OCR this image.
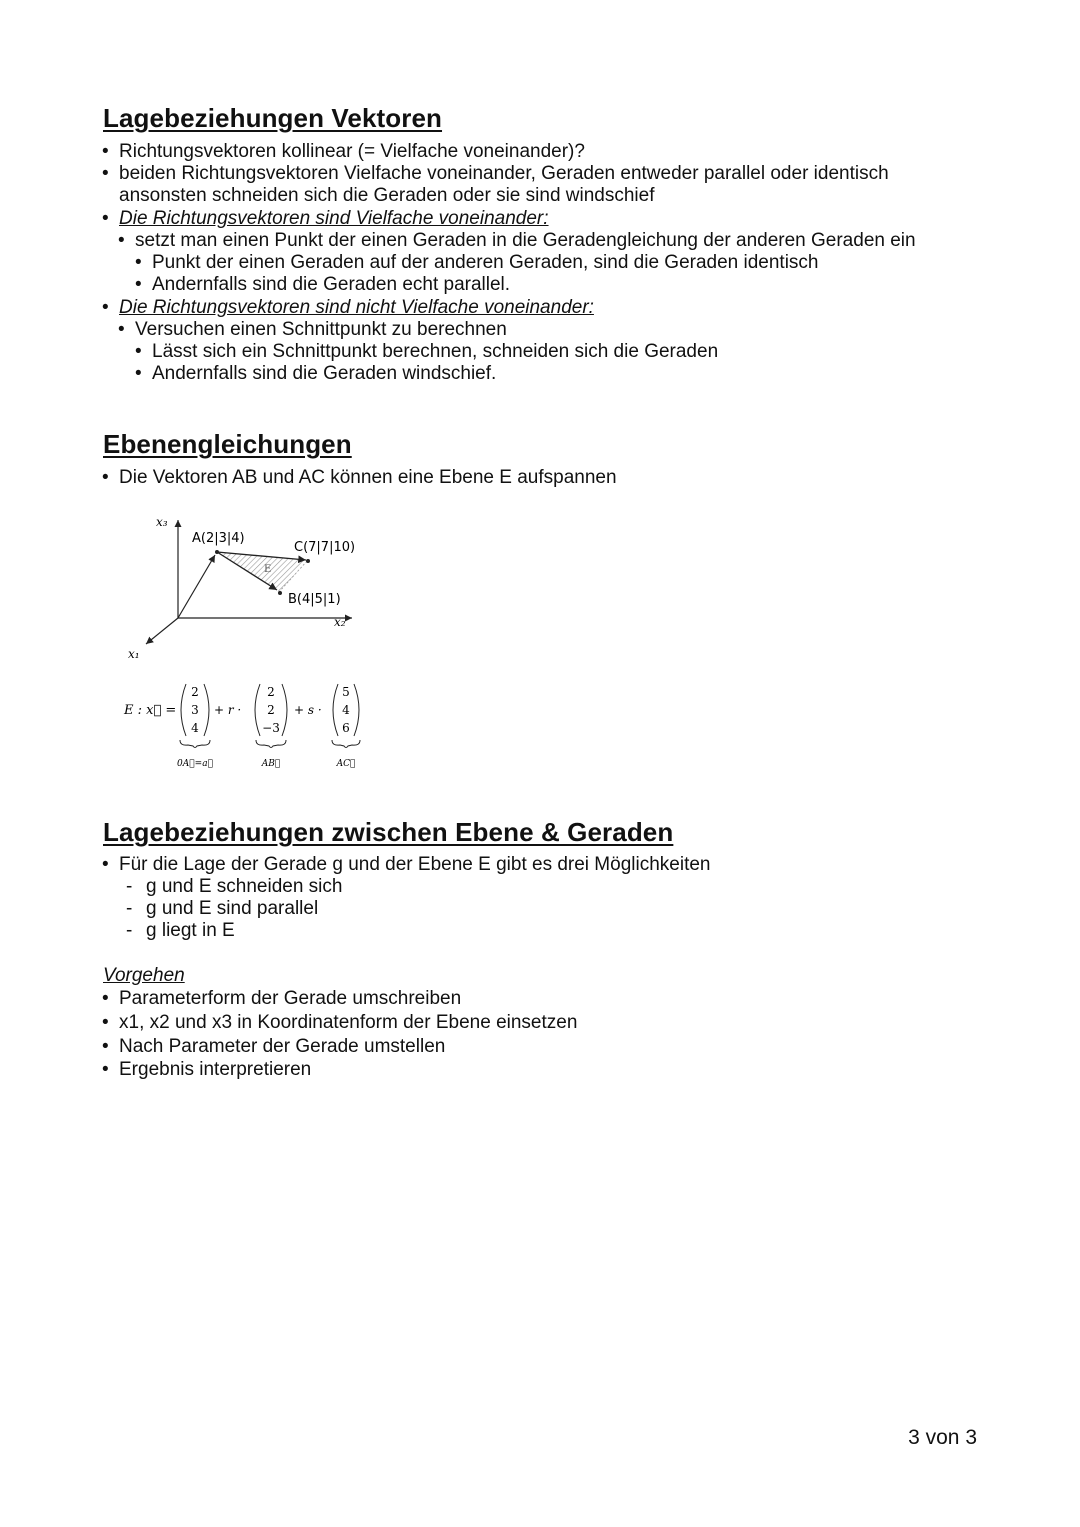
Lagebeziehungen Vektoren
• Richtungsvektoren kollinear (= Vielfache voneinander)?
• beiden Richtungsvektoren Vielfache voneinander, Geraden entweder parallel oder identisch
ansonsten schneiden sich die Geraden oder sie sind windschief
• Die Richtungsvektoren sind Vielfache voneinander:
• setzt man einen Punkt der einen Geraden in die Geradengleichung der anderen Geraden ein
• Punkt der einen Geraden auf der anderen Geraden, sind die Geraden identisch
• Andernfalls sind die Geraden echt parallel.
• Die Richtungsvektoren sind nicht Vielfache voneinander:
• Versuchen einen Schnittpunkt zu berechnen
• Lässt sich ein Schnittpunkt berechnen, schneiden sich die Geraden
• Andernfalls sind die Geraden windschief.
Ebenengleichungen
• Die Vektoren AB und AC können eine Ebene E aufspannen
x₃
x₂
x₁
A(2|3|4)
C(7|7|10)
B(4|5|1)
E
E : x⃗ =
2
3
4
+ r ·
2
2
−3
+ s ·
5
4
6
0A⃗=a⃗	AB⃗	AC⃗
Lagebeziehungen zwischen Ebene & Geraden
• Für die Lage der Gerade g und der Ebene E gibt es drei Möglichkeiten
- g und E schneiden sich
- g und E sind parallel
- g liegt in E
Vorgehen
• Parameterform der Gerade umschreiben
• x1, x2 und x3 in Koordinatenform der Ebene einsetzen
• Nach Parameter der Gerade umstellen
• Ergebnis interpretieren
3 von 3
